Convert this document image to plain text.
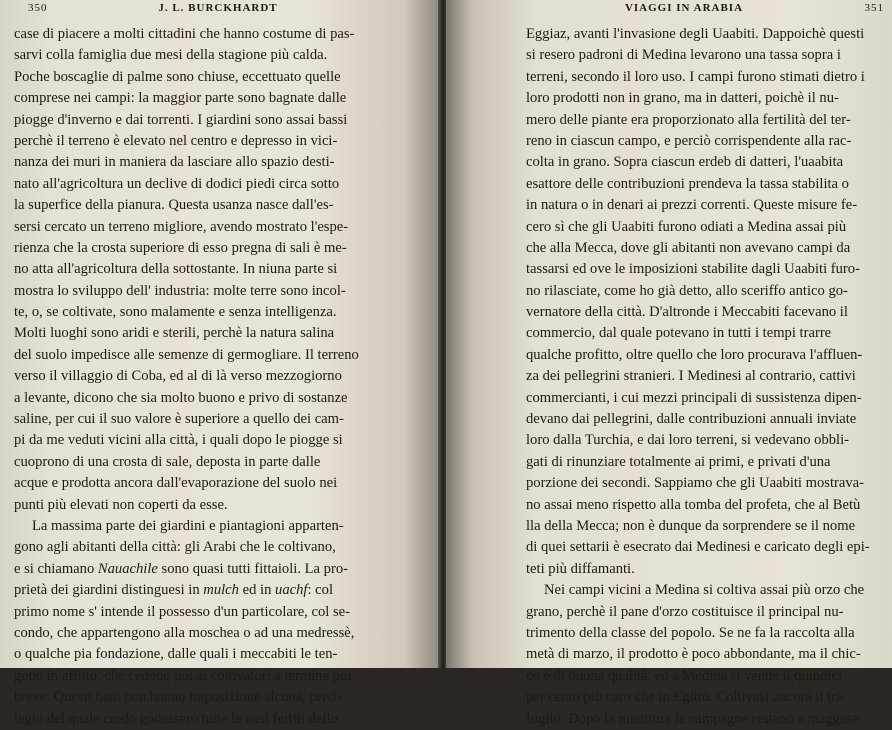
350	J. L. BURCKHARDT
case di piacere a molti cittadini che hanno costume di pas-
sarvi colla famiglia due mesi della stagione più calda.
Poche boscaglie di palme sono chiuse, eccettuato quelle
comprese nei campi: la maggior parte sono bagnate dalle
piogge d'inverno e dai torrenti. I giardini sono assai bassi
perchè il terreno è elevato nel centro e depresso in vici-
nanza dei muri in maniera da lasciare allo spazio desti-
nato all'agricoltura un declive di dodici piedi circa sotto
la superfice della pianura. Questa usanza nasce dall'es-
sersi cercato un terreno migliore, avendo mostrato l'espe-
rienza che la crosta superiore di esso pregna di sali è me-
no atta all'agricoltura della sottostante. In niuna parte si
mostra lo sviluppo dell' industria: molte terre sono incol-
te, o, se coltivate, sono malamente e senza intelligenza.
Molti luoghi sono aridi e sterili, perchè la natura salina
del suolo impedisce alle semenze di germogliare. Il terreno
verso il villaggio di Coba, ed al di là verso mezzogiorno
a levante, dicono che sia molto buono e privo di sostanze
saline, per cui il suo valore è superiore a quello dei cam-
pi da me veduti vicini alla città, i quali dopo le piogge si
cuoprono di una crosta di sale, deposta in parte dalle
acque e prodotta ancora dall'evaporazione del suolo nei
punti più elevati non coperti da esse.
La massima parte dei giardini e piantagioni apparten-
gono agli abitanti della città: gli Arabi che le coltivano,
e si chiamano Nauachile sono quasi tutti fittaioli. La pro-
prietà dei giardini distinguesi in mulch ed in uachf: col
primo nome s' intende il possesso d'un particolare, col se-
condo, che appartengono alla moschea o ad una medressè,
o qualche pia fondazione, dalle quali i meccabiti le ten-
gono in affitto, che cedono poi ai coltivatori a termine più
breve. Questi beni non hanno imposizione alcuna, privi-
legio del quale credo godessero tutte le oasi fertili dello
VIAGGI IN ARABIA	351
Eggiaz, avanti l'invasione degli Uaabiti. Dappoichè questi
si resero padroni di Medina levarono una tassa sopra i
terreni, secondo il loro uso. I campi furono stimati dietro i
loro prodotti non in grano, ma in datteri, poichè il nu-
mero delle piante era proporzionato alla fertilità del ter-
reno in ciascun campo, e perciò corrispendente alla rac-
colta in grano. Sopra ciascun erdeb di datteri, l'uaabita
esattore delle contribuzioni prendeva la tassa stabilita o
in natura o in denari ai prezzi correnti. Queste misure fe-
cero sì che gli Uaabiti furono odiati a Medina assai più
che alla Mecca, dove gli abitanti non avevano campi da
tassarsi ed ove le imposizioni stabilite dagli Uaabiti furo-
no rilasciate, come ho già detto, allo sceriffo antico go-
vernatore della città. D'altronde i Meccabiti facevano il
commercio, dal quale potevano in tutti i tempi trarre
qualche profitto, oltre quello che loro procurava l'affluen-
za dei pellegrini stranieri. I Medinesi al contrario, cattivi
commercianti, i cui mezzi principali di sussistenza dipen-
devano dai pellegrini, dalle contribuzioni annuali inviate
loro dalla Turchia, e dai loro terreni, si vedevano obbli-
gati di rinunziare totalmente ai primi, e privati d'una
porzione dei secondi. Sappiamo che gli Uaabiti mostrava-
no assai meno rispetto alla tomba del profeta, che al Betù
lla della Mecca; non è dunque da sorprendere se il nome
di quei settarii è esecrato dai Medinesi e caricato degli epi-
teti più diffamanti.
Nei campi vicini a Medina si coltiva assai più orzo che
grano, perchè il pane d'orzo costituisce il principal nu-
trimento della classe del popolo. Se ne fa la raccolta alla
metà di marzo, il prodotto è poco abbondante, ma il chic-
co è di buona qualità, ed a Medina si vende il quindici
per cento più caro che in Egitto. Coltivasi ancora il tri-
foglio. Dopo la mietitura le campagne restano a maggese
